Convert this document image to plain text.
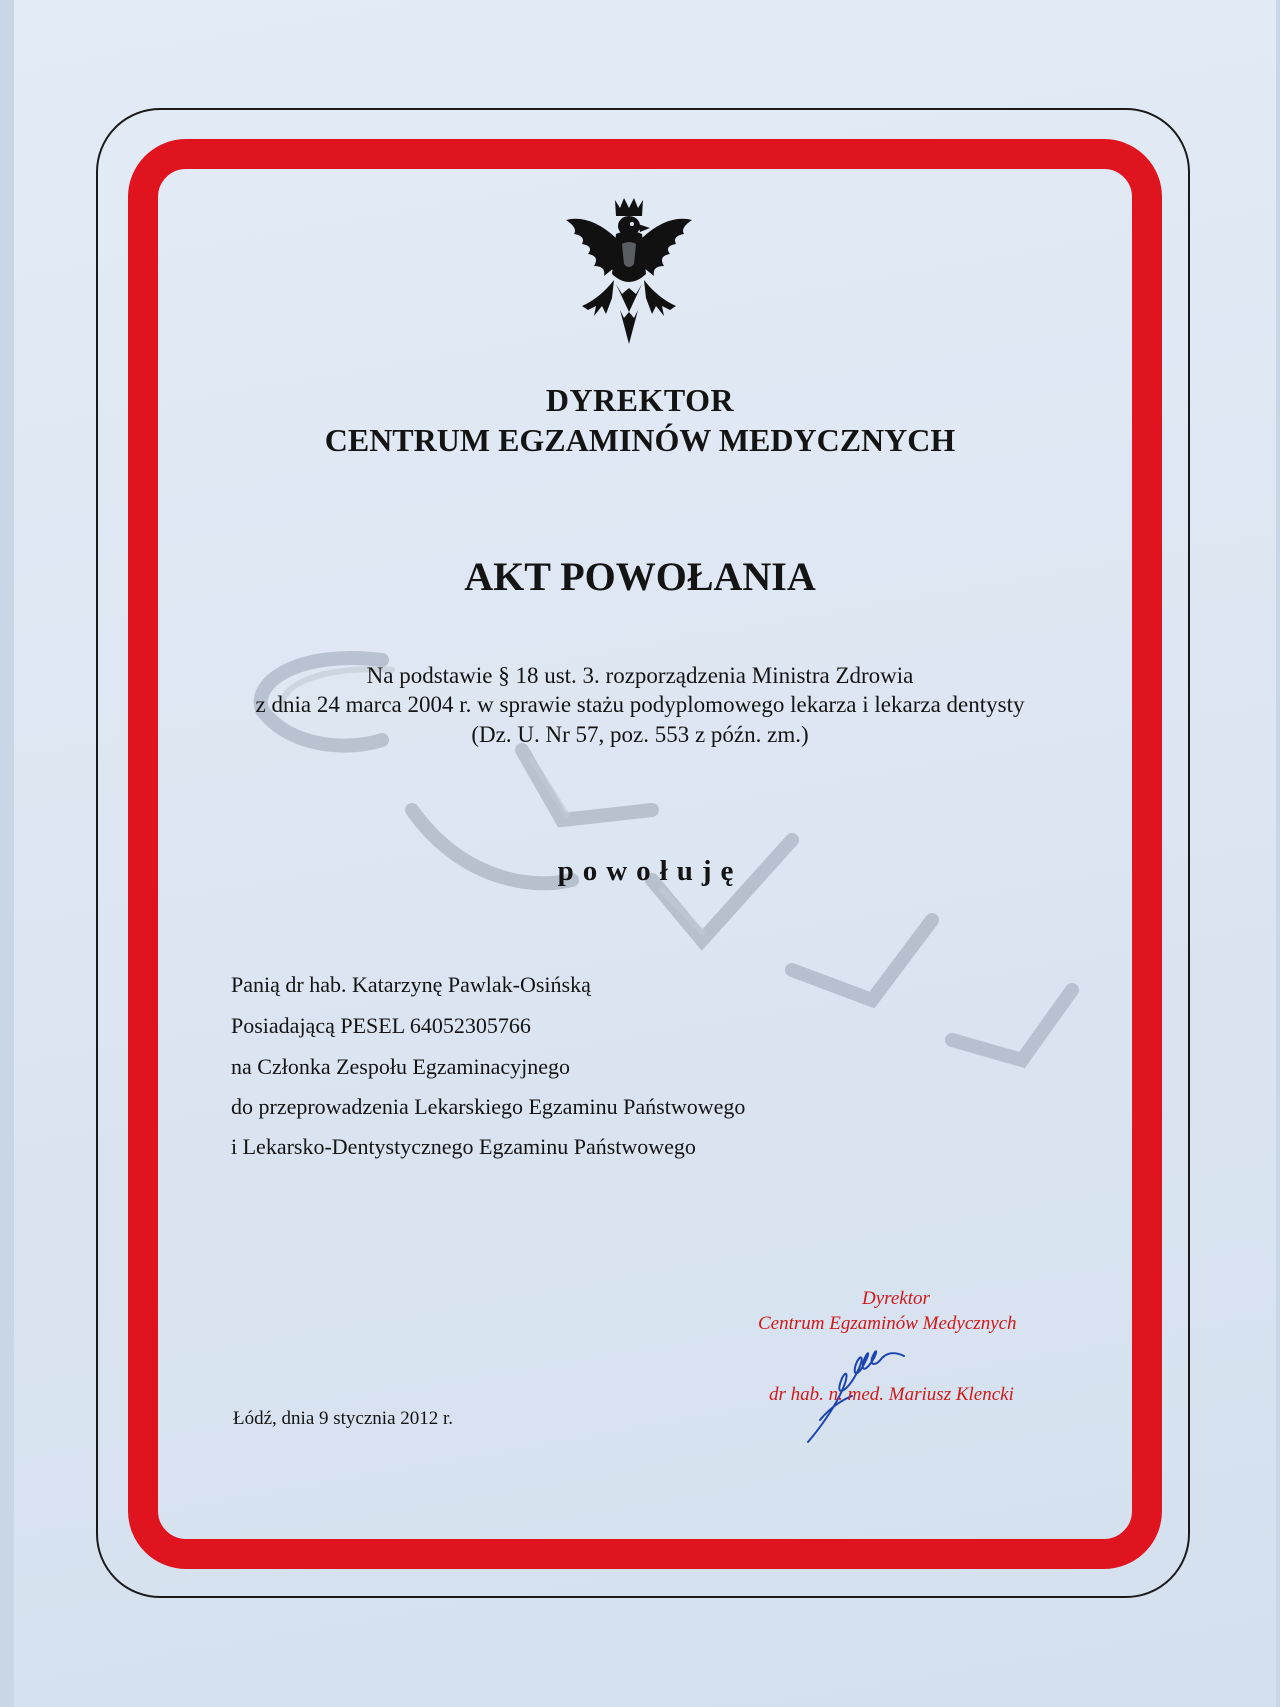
DYREKTOR
CENTRUM EGZAMINÓW MEDYCZNYCH
AKT POWOŁANIA
Na podstawie § 18 ust. 3. rozporządzenia Ministra Zdrowia
z dnia 24 marca 2004 r. w sprawie stażu podyplomowego lekarza i lekarza dentysty
(Dz. U. Nr 57, poz. 553 z późn. zm.)
powołuję
Panią dr hab. Katarzynę Pawlak-Osińską
Posiadającą PESEL 64052305766
na Członka Zespołu Egzaminacyjnego
do przeprowadzenia Lekarskiego Egzaminu Państwowego
i Lekarsko-Dentystycznego Egzaminu Państwowego
Łódź, dnia 9 stycznia 2012 r.
Dyrektor
Centrum Egzaminów Medycznych
dr hab. n. med. Mariusz Klencki
